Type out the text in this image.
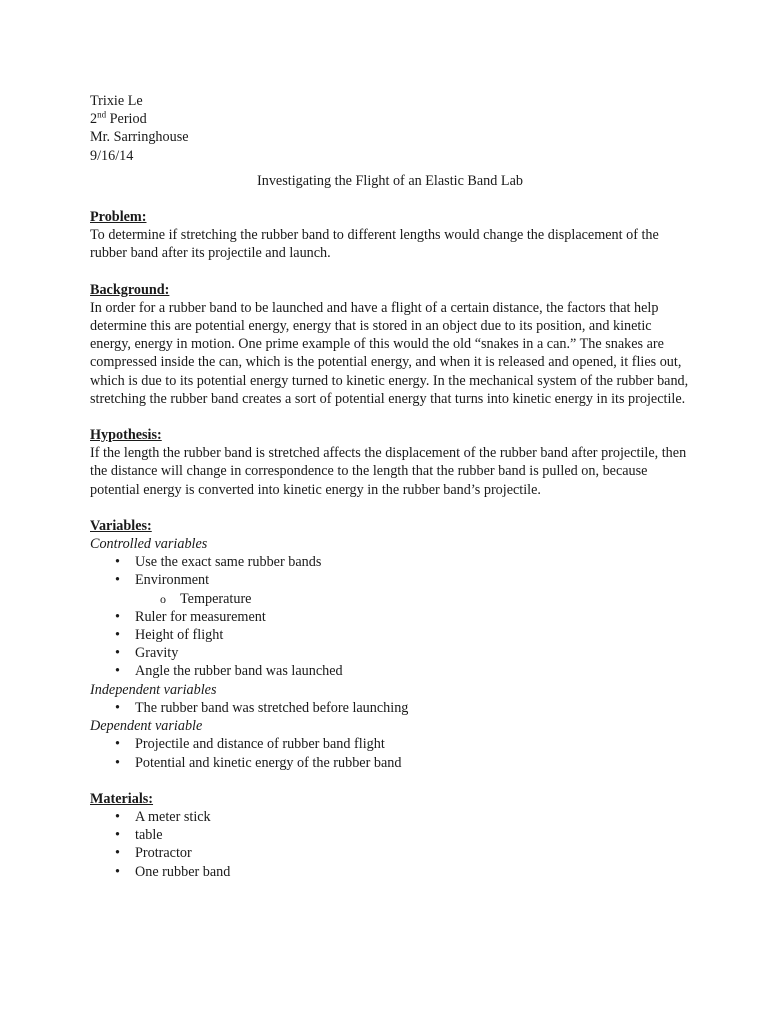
Trixie Le
2nd Period
Mr. Sarringhouse
9/16/14
Investigating the Flight of an Elastic Band Lab
Problem:

To determine if stretching the rubber band to different lengths would change the displacement of the rubber band after its projectile and launch.

Background:

In order for a rubber band to be launched and have a flight of a certain distance, the factors that help determine this are potential energy, energy that is stored in an object due to its position, and kinetic energy, energy in motion. One prime example of this would the old “snakes in a can.” The snakes are compressed inside the can, which is the potential energy, and when it is released and opened, it flies out, which is due to its potential energy turned to kinetic energy. In the mechanical system of the rubber band, stretching the rubber band creates a sort of potential energy that turns into kinetic energy in its projectile.

Hypothesis:

If the length the rubber band is stretched affects the displacement of the rubber band after projectile, then the distance will change in correspondence to the length that the rubber band is pulled on, because potential energy is converted into kinetic energy in the rubber band’s projectile.

Variables:
Controlled variables
• Use the exact same rubber bands
• Environment
o Temperature
• Ruler for measurement
• Height of flight
• Gravity
• Angle the rubber band was launched
Independent variables
• The rubber band was stretched before launching
Dependent variable
• Projectile and distance of rubber band flight
• Potential and kinetic energy of the rubber band
Materials:
• A meter stick
• table
• Protractor
• One rubber band
